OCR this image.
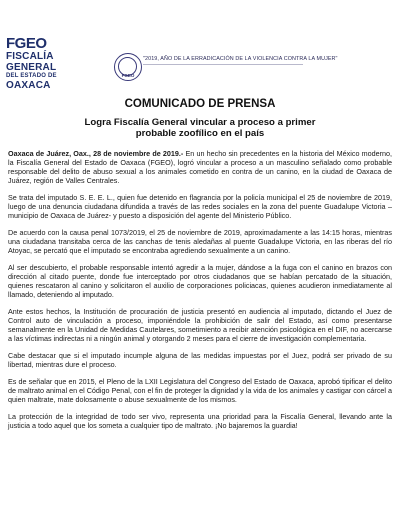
FGEO
FISCALÍA
GENERAL
DEL ESTADO DE
OAXACA
FGEO
"2019, AÑO DE LA ERRADICACIÓN DE LA VIOLENCIA CONTRA LA MUJER"
COMUNICADO DE PRENSA
Logra Fiscalía General vincular a proceso a primer probable zoofílico en el país

Oaxaca de Juárez, Oax., 28 de noviembre de 2019.- En un hecho sin precedentes en la historia del México moderno, la Fiscalía General del Estado de Oaxaca (FGEO), logró vincular a proceso a un masculino señalado como probable responsable del delito de abuso sexual a los animales cometido en contra de un canino, en la ciudad de Oaxaca de Juárez, región de Valles Centrales.

Se trata del imputado S. E. E. L., quien fue detenido en flagrancia por la policía municipal el 25 de noviembre de 2019, luego de una denuncia ciudadana difundida a través de las redes sociales en la zona del puente Guadalupe Victoria –municipio de Oaxaca de Juárez- y puesto a disposición del agente del Ministerio Público.

De acuerdo con la causa penal 1073/2019, el 25 de noviembre de 2019, aproximadamente a las 14:15 horas, mientras una ciudadana transitaba cerca de las canchas de tenis aledañas al puente Guadalupe Victoria, en las riberas del río Atoyac, se percató que el imputado se encontraba agrediendo sexualmente a un canino.

Al ser descubierto, el probable responsable intentó agredir a la mujer, dándose a la fuga con el canino en brazos con dirección al citado puente, donde fue interceptado por otros ciudadanos que se habían percatado de la situación, quienes rescataron al canino y solicitaron el auxilio de corporaciones policiacas, quienes acudieron inmediatamente al llamado, deteniendo al imputado.

Ante estos hechos, la Institución de procuración de justicia presentó en audiencia al imputado, dictando el Juez de Control auto de vinculación a proceso, imponiéndole la prohibición de salir del Estado, así como presentarse semanalmente en la Unidad de Medidas Cautelares, sometimiento a recibir atención psicológica en el DIF, no acercarse a las víctimas indirectas ni a ningún animal y otorgando 2 meses para el cierre de investigación complementaria.

Cabe destacar que si el imputado incumple alguna de las medidas impuestas por el Juez, podrá ser privado de su libertad, mientras dure el proceso.

Es de señalar que en 2015, el Pleno de la LXII Legislatura del Congreso del Estado de Oaxaca, aprobó tipificar el delito de maltrato animal en el Código Penal, con el fin de proteger la dignidad y la vida de los animales y castigar con cárcel a quien maltrate, mate dolosamente o abuse sexualmente de los mismos.

La protección de la integridad de todo ser vivo, representa una prioridad para la Fiscalía General, llevando ante la justicia a todo aquel que los someta a cualquier tipo de maltrato. ¡No bajaremos la guardia!
